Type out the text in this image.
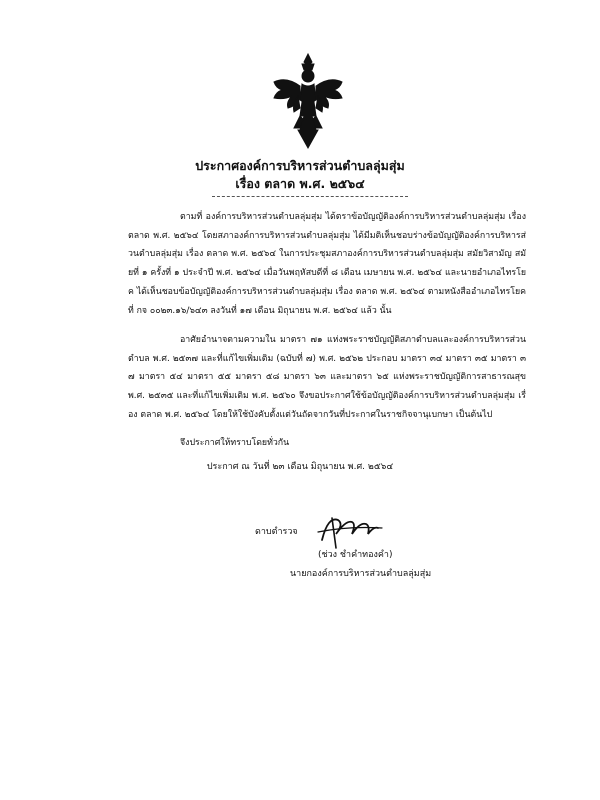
ประกาศองค์การบริหารส่วนตำบลลุ่มสุ่ม
เรื่อง ตลาด พ.ศ. ๒๕๖๔
ตามที่ องค์การบริหารส่วนตำบลลุ่มสุ่ม ได้ตราข้อบัญญัติองค์การบริหารส่วนตำบลลุ่มสุ่ม เรื่อง ตลาด พ.ศ. ๒๕๖๔ โดยสภาองค์การบริหารส่วนตำบลลุ่มสุ่ม ได้มีมติเห็นชอบร่างข้อบัญญัติองค์การบริหารส่วนตำบลลุ่มสุ่ม เรื่อง ตลาด พ.ศ. ๒๕๖๔ ในการประชุมสภาองค์การบริหารส่วนตำบลลุ่มสุ่ม สมัยวิสามัญ สมัยที่ ๑ ครั้งที่ ๑ ประจำปี พ.ศ. ๒๕๖๔ เมื่อวันพฤหัสบดีที่ ๘ เดือน เมษายน พ.ศ. ๒๕๖๔ และนายอำเภอไทรโยค ได้เห็นชอบข้อบัญญัติองค์การบริหารส่วนตำบลลุ่มสุ่ม เรื่อง ตลาด พ.ศ. ๒๕๖๔ ตามหนังสืออำเภอไทรโยค ที่ กจ ๐๐๒๓.๑๖/๖๔๓ ลงวันที่ ๑๗ เดือน มิถุนายน พ.ศ. ๒๕๖๔ แล้ว นั้น
อาศัยอำนาจตามความใน มาตรา ๗๑ แห่งพระราชบัญญัติสภาตำบลและองค์การบริหารส่วนตำบล พ.ศ. ๒๕๓๗ และที่แก้ไขเพิ่มเติม (ฉบับที่ ๗) พ.ศ. ๒๕๖๒ ประกอบ มาตรา ๓๔ มาตรา ๓๕ มาตรา ๓๗ มาตรา ๕๔ มาตรา ๕๕ มาตรา ๕๘ มาตรา ๖๓ และมาตรา ๖๕ แห่งพระราชบัญญัติการสาธารณสุข พ.ศ. ๒๕๓๕ และที่แก้ไขเพิ่มเติม พ.ศ. ๒๕๖๐ จึงขอประกาศใช้ข้อบัญญัติองค์การบริหารส่วนตำบลลุ่มสุ่ม เรื่อง ตลาด พ.ศ. ๒๕๖๔ โดยให้ใช้บังคับตั้งแต่วันถัดจากวันที่ประกาศในราชกิจจานุเบกษา เป็นต้นไป
จึงประกาศให้ทราบโดยทั่วกัน
ประกาศ ณ วันที่ ๒๓ เดือน มิถุนายน พ.ศ. ๒๕๖๔
ดาบตำรวจ
(ช่วง ชำคำทองคำ)
นายกองค์การบริหารส่วนตำบลลุ่มสุ่ม
